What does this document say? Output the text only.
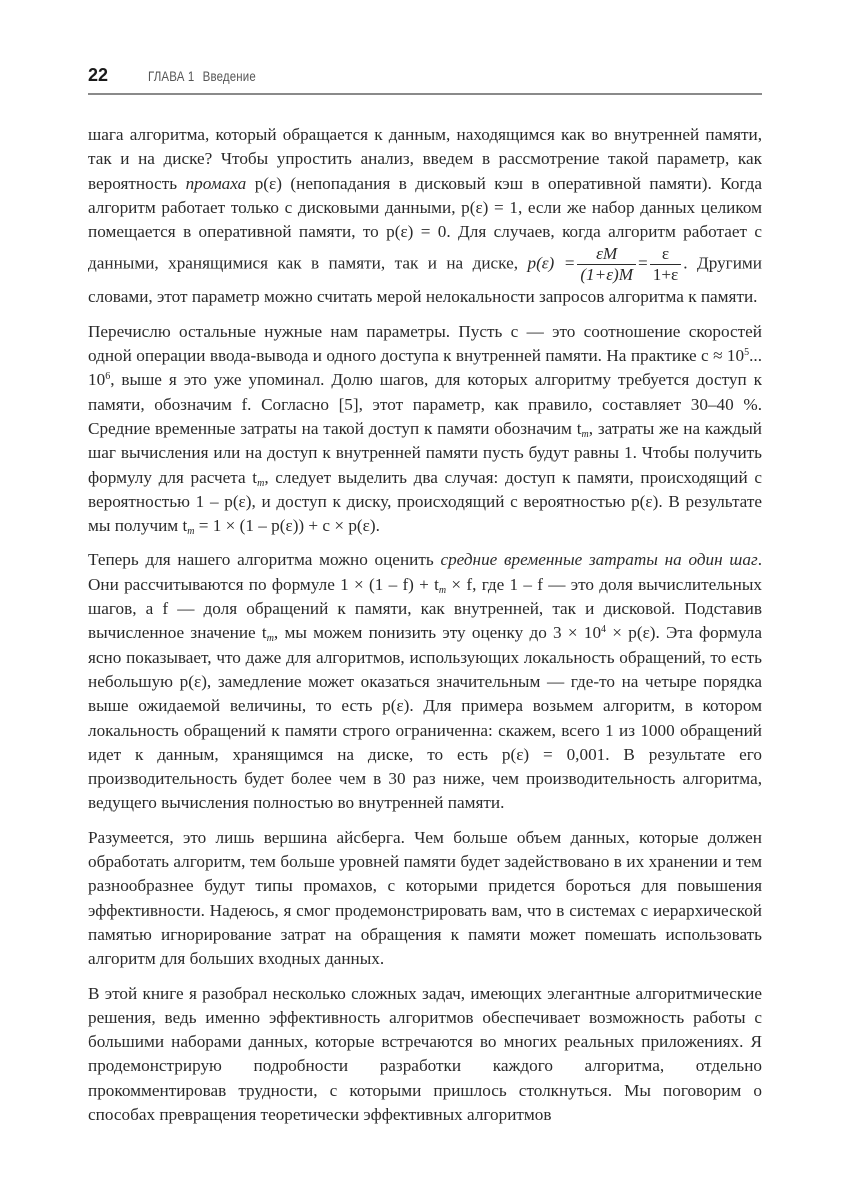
22	ГЛАВА 1 Введение

шага алгоритма, который обращается к данным, находящимся как во внутренней памяти, так и на диске? Чтобы упростить анализ, введем в рассмотрение такой параметр, как вероятность промаха p(ε) (непопадания в дисковый кэш в оперативной памяти). Когда алгоритм работает только с дисковыми данными, p(ε) = 1, если же набор данных целиком помещается в оперативной памяти, то p(ε) = 0. Для случаев, когда алгоритм работает с данными, хранящимися как в памяти, так и на диске, $p(\varepsilon) = \frac{\varepsilon M}{(1+\varepsilon)M} = \frac{\varepsilon}{1+\varepsilon}$ . Другими словами, этот параметр можно считать мерой нелокальности запросов алгоритма к памяти.

Перечислю остальные нужные нам параметры. Пусть c — это соотношение скоростей одной операции ввода-вывода и одного доступа к внутренней памяти. На практике $c \approx 10^5$... $10^6$, выше я это уже упоминал. Долю шагов, для которых алгоритму требуется доступ к памяти, обозначим f. Согласно [5], этот параметр, как правило, составляет 30–40 %. Средние временные затраты на такой доступ к памяти обозначим $t_m$, затраты же на каждый шаг вычисления или на доступ к внутренней памяти пусть будут равны 1. Чтобы получить формулу для расчета $t_m$, следует выделить два случая: доступ к памяти, происходящий с вероятностью 1 – p(ε), и доступ к диску, происходящий с вероятностью p(ε). В результате мы получим $t_m = 1 \times (1 - p(\varepsilon)) + c \times p(\varepsilon)$.

Теперь для нашего алгоритма можно оценить средние временные затраты на один шаг. Они рассчитываются по формуле $1 \times (1 - f) + t_m \times f$, где 1 – f — это доля вычислительных шагов, а f — доля обращений к памяти, как внутренней, так и дисковой. Подставив вычисленное значение $t_m$, мы можем понизить эту оценку до $3 \times 10^4 \times p(\varepsilon)$. Эта формула ясно показывает, что даже для алгоритмов, использующих локальность обращений, то есть небольшую p(ε), замедление может оказаться значительным — где-то на четыре порядка выше ожидаемой величины, то есть p(ε). Для примера возьмем алгоритм, в котором локальность обращений к памяти строго ограниченна: скажем, всего 1 из 1000 обращений идет к данным, хранящимся на диске, то есть p(ε) = 0,001. В результате его производительность будет более чем в 30 раз ниже, чем производительность алгоритма, ведущего вычисления полностью во внутренней памяти.

Разумеется, это лишь вершина айсберга. Чем больше объем данных, которые должен обработать алгоритм, тем больше уровней памяти будет задействовано в их хранении и тем разнообразнее будут типы промахов, с которыми придется бороться для повышения эффективности. Надеюсь, я смог продемонстрировать вам, что в системах с иерархической памятью игнорирование затрат на обращения к памяти может помешать использовать алгоритм для больших входных данных.

В этой книге я разобрал несколько сложных задач, имеющих элегантные алгоритмические решения, ведь именно эффективность алгоритмов обеспечивает возможность работы с большими наборами данных, которые встречаются во многих реальных приложениях. Я продемонстрирую подробности разработки каждого алгоритма, отдельно прокомментировав трудности, с которыми пришлось столкнуться. Мы поговорим о способах превращения теоретически эффективных алгоритмов
